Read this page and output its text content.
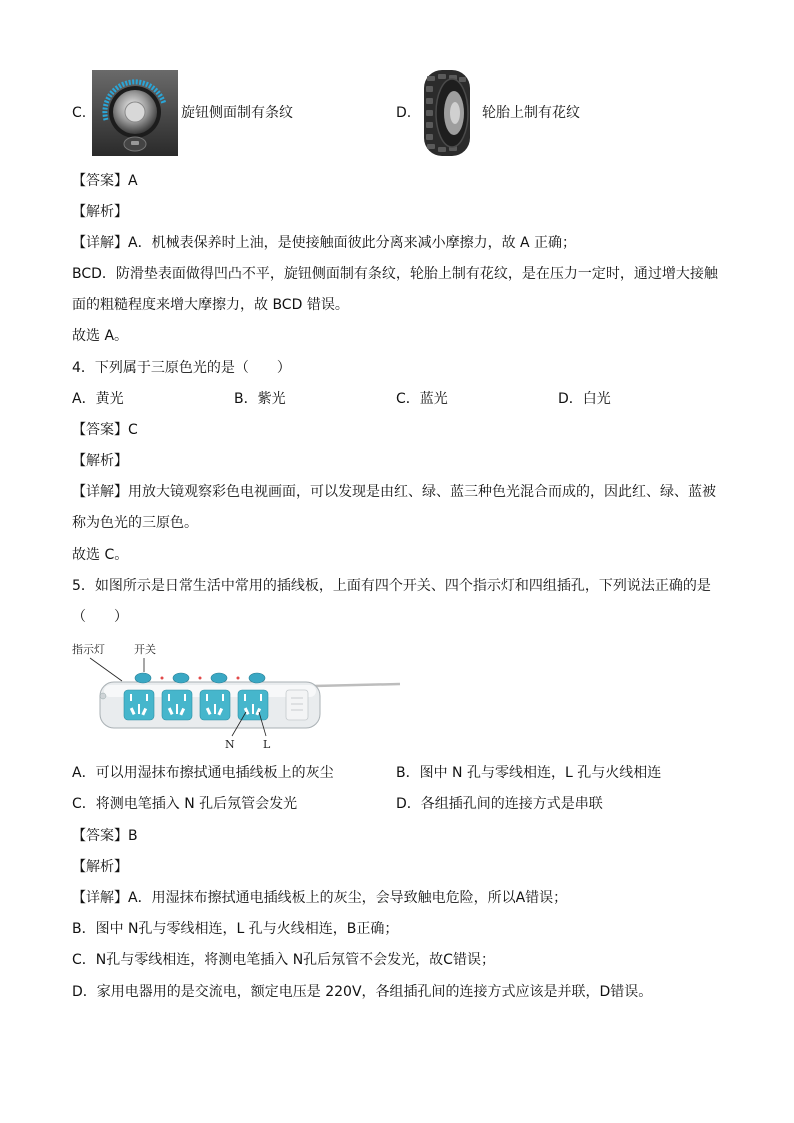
C.	旋钮侧面制有条纹	D.	轮胎上制有花纹
【答案】A
【解析】
【详解】A．机械表保养时上油，是使接触面彼此分离来减小摩擦力，故 A 正确；
BCD．防滑垫表面做得凹凸不平，旋钮侧面制有条纹，轮胎上制有花纹，是在压力一定时，通过增大接触
面的粗糙程度来增大摩擦力，故 BCD 错误。
故选 A。
4．下列属于三原色光的是（　　）
A．黄光	B．紫光	C．蓝光	D．白光
【答案】C
【解析】
【详解】用放大镜观察彩色电视画面，可以发现是由红、绿、蓝三种色光混合而成的，因此红、绿、蓝被
称为色光的三原色。
故选 C。
5．如图所示是日常生活中常用的插线板，上面有四个开关、四个指示灯和四组插孔，下列说法正确的是
（　　）
指示灯	开关
N	L
A．可以用湿抹布擦拭通电插线板上的灰尘	B．图中 N 孔与零线相连，L 孔与火线相连
C．将测电笔插入 N 孔后氖管会发光	D．各组插孔间的连接方式是串联
【答案】B
【解析】
【详解】A．用湿抹布擦拭通电插线板上的灰尘，会导致触电危险，所以A错误；
B．图中 N孔与零线相连，L 孔与火线相连，B正确；
C．N孔与零线相连，将测电笔插入 N孔后氖管不会发光，故C错误；
D．家用电器用的是交流电，额定电压是 220V，各组插孔间的连接方式应该是并联，D错误。
